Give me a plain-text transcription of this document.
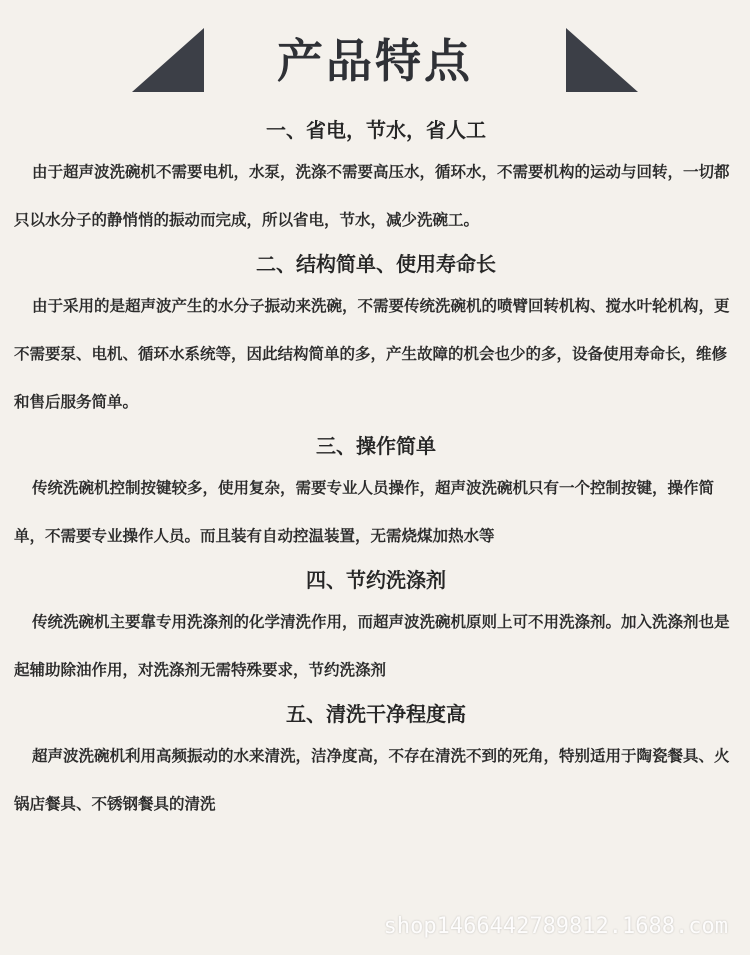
产品特点
一、省电，节水，省人工

由于超声波洗碗机不需要电机，水泵，洗涤不需要高压水，循环水，不需要机构的运动与回转，一切都只以水分子的静悄悄的振动而完成，所以省电，节水，减少洗碗工。

二、结构简单、使用寿命长

由于采用的是超声波产生的水分子振动来洗碗，不需要传统洗碗机的喷臂回转机构、搅水叶轮机构，更不需要泵、电机、循环水系统等，因此结构简单的多，产生故障的机会也少的多，设备使用寿命长，维修和售后服务简单。

三、操作简单

传统洗碗机控制按键较多，使用复杂，需要专业人员操作，超声波洗碗机只有一个控制按键，操作简单，不需要专业操作人员。而且装有自动控温装置，无需烧煤加热水等

四、节约洗涤剂

传统洗碗机主要靠专用洗涤剂的化学清洗作用，而超声波洗碗机原则上可不用洗涤剂。加入洗涤剂也是起辅助除油作用，对洗涤剂无需特殊要求，节约洗涤剂

五、清洗干净程度高

超声波洗碗机利用高频振动的水来清洗，洁净度高，不存在清洗不到的死角，特别适用于陶瓷餐具、火锅店餐具、不锈钢餐具的清洗

shop1466442789812.1688.com
